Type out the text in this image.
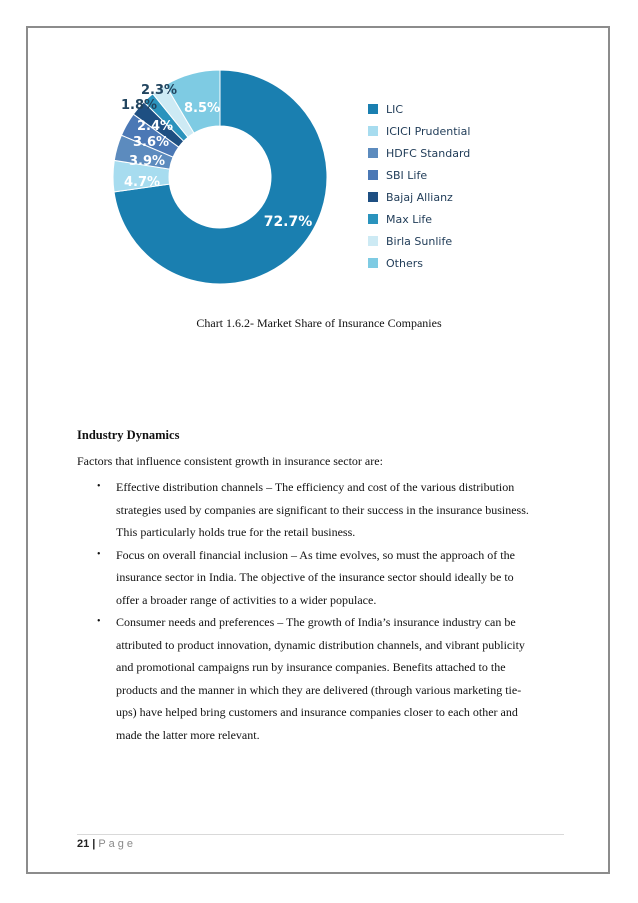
72.7%
4.7%
3.9%
3.6%
2.4%
1.8%
2.3%
8.5%	LIC
ICICI Prudential
HDFC Standard
SBI Life
Bajaj Allianz
Max Life
Birla Sunlife
Others
Chart 1.6.2- Market Share of Insurance Companies

Industry Dynamics

Factors that influence consistent growth in insurance sector are:

• Effective distribution channels – The efficiency and cost of the various distribution
strategies used by companies are significant to their success in the insurance business.
This particularly holds true for the retail business.

• Focus on overall financial inclusion – As time evolves, so must the approach of the
insurance sector in India. The objective of the insurance sector should ideally be to
offer a broader range of activities to a wider populace.

• Consumer needs and preferences – The growth of India’s insurance industry can be
attributed to product innovation, dynamic distribution channels, and vibrant publicity
and promotional campaigns run by insurance companies. Benefits attached to the
products and the manner in which they are delivered (through various marketing tie-
ups) have helped bring customers and insurance companies closer to each other and
made the latter more relevant.

21 | Page
